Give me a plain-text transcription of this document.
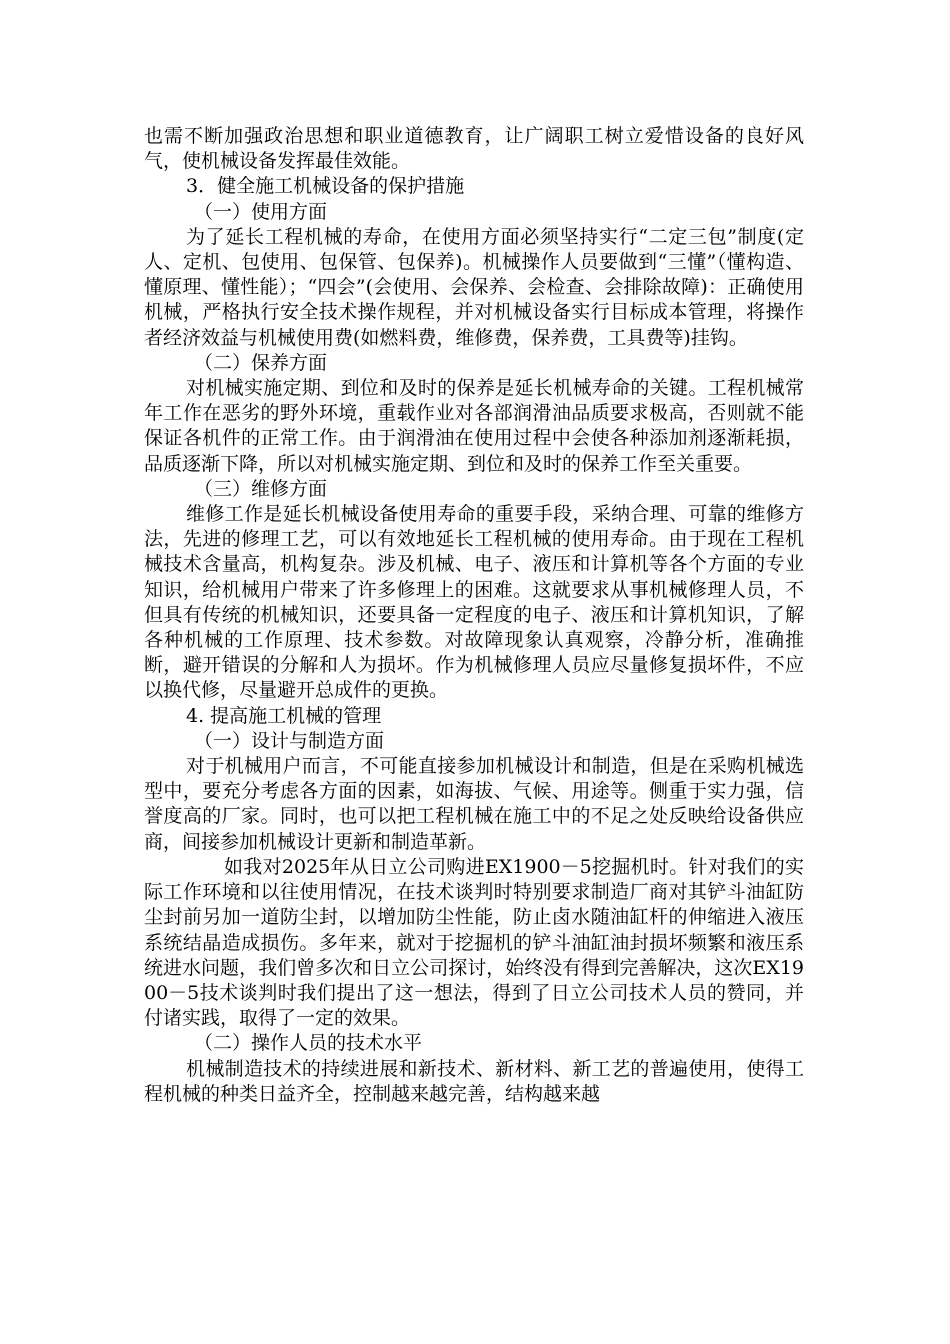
也需不断加强政治思想和职业道德教育，让广阔职工树立爱惜设备的良好风气，使机械设备发挥最佳效能。

3．健全施工机械设备的保护措施

（一）使用方面

为了延长工程机械的寿命，在使用方面必须坚持实行“二定三包”制度(定人、定机、包使用、包保管、包保养)。机械操作人员要做到“三懂”（懂构造、懂原理、懂性能）；“四会”(会使用、会保养、会检查、会排除故障)：正确使用机械，严格执行安全技术操作规程，并对机械设备实行目标成本管理，将操作者经济效益与机械使用费(如燃料费，维修费，保养费，工具费等)挂钩。

（二）保养方面

对机械实施定期、到位和及时的保养是延长机械寿命的关键。工程机械常年工作在恶劣的野外环境，重载作业对各部润滑油品质要求极高，否则就不能保证各机件的正常工作。由于润滑油在使用过程中会使各种添加剂逐渐耗损，品质逐渐下降，所以对机械实施定期、到位和及时的保养工作至关重要。

（三）维修方面

维修工作是延长机械设备使用寿命的重要手段，采纳合理、可靠的维修方法，先进的修理工艺，可以有效地延长工程机械的使用寿命。由于现在工程机械技术含量高，机构复杂。涉及机械、电子、液压和计算机等各个方面的专业知识，给机械用户带来了许多修理上的困难。这就要求从事机械修理人员，不但具有传统的机械知识，还要具备一定程度的电子、液压和计算机知识，了解各种机械的工作原理、技术参数。对故障现象认真观察，冷静分析，准确推断，避开错误的分解和人为损坏。作为机械修理人员应尽量修复损坏件，不应以换代修，尽量避开总成件的更换。

4. 提高施工机械的管理

（一）设计与制造方面

对于机械用户而言，不可能直接参加机械设计和制造，但是在采购机械选型中，要充分考虑各方面的因素，如海拔、气候、用途等。侧重于实力强，信誉度高的厂家。同时，也可以把工程机械在施工中的不足之处反映给设备供应商，间接参加机械设计更新和制造革新。

如我对2025年从日立公司购进EX1900－5挖掘机时。针对我们的实际工作环境和以往使用情况，在技术谈判时特别要求制造厂商对其铲斗油缸防尘封前另加一道防尘封，以增加防尘性能，防止卤水随油缸杆的伸缩进入液压系统结晶造成损伤。多年来，就对于挖掘机的铲斗油缸油封损坏频繁和液压系统进水问题，我们曾多次和日立公司探讨，始终没有得到完善解决，这次EX1900－5技术谈判时我们提出了这一想法，得到了日立公司技术人员的赞同，并付诸实践，取得了一定的效果。

（二）操作人员的技术水平

机械制造技术的持续进展和新技术、新材料、新工艺的普遍使用，使得工程机械的种类日益齐全，控制越来越完善，结构越来越
